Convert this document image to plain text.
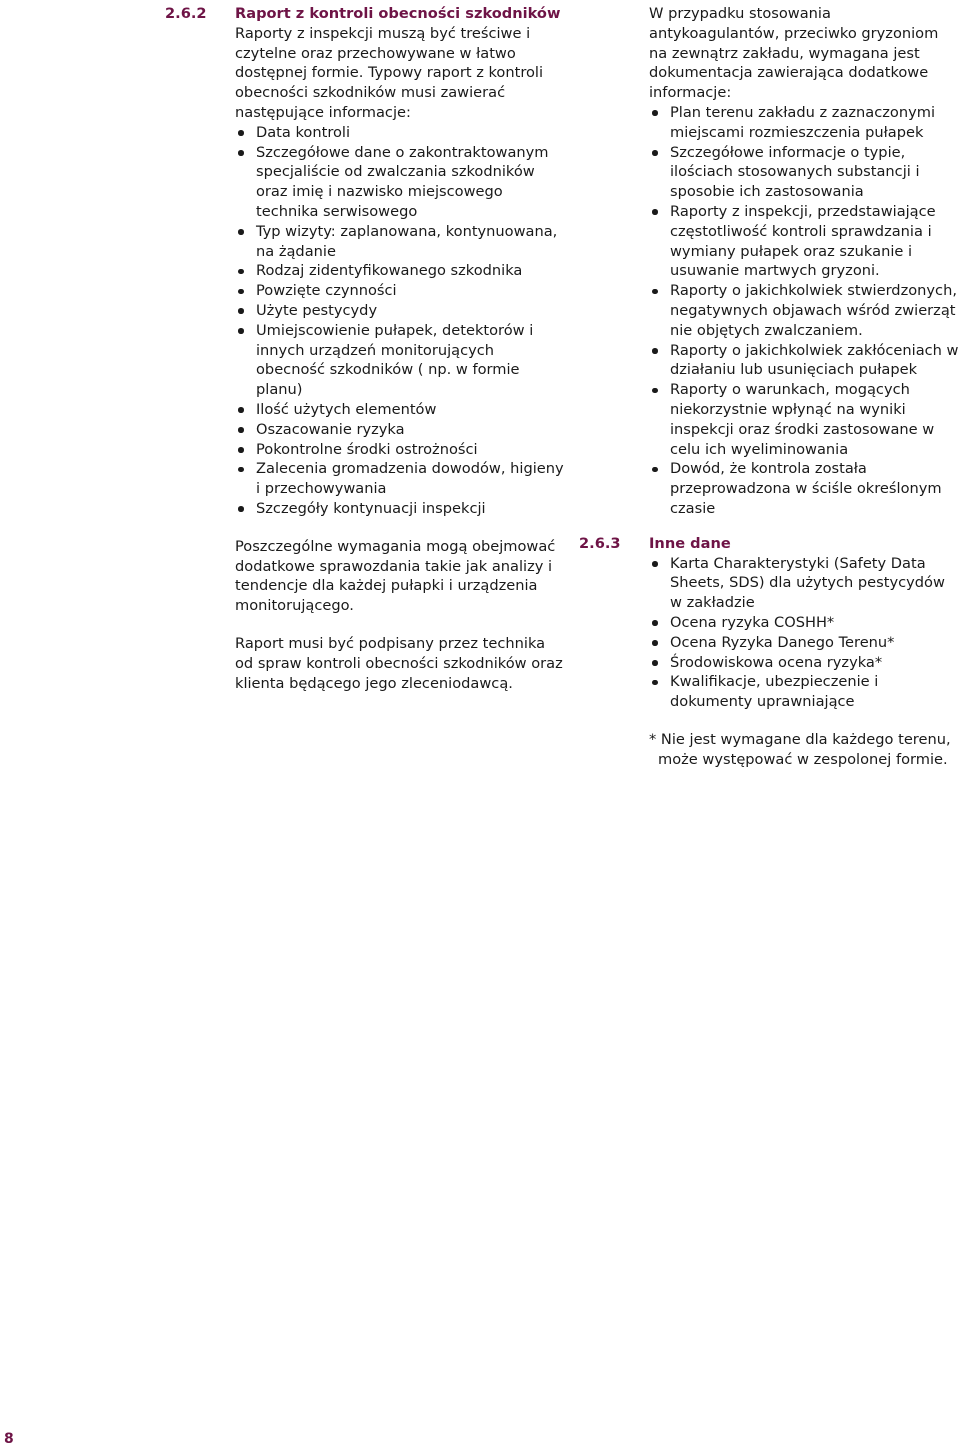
2.6.2 Raport z kontroli obecności szkodników

Raporty z inspekcji muszą być treściwe i czytelne oraz przechowywane w łatwo dostępnej formie. Typowy raport z kontroli obecności szkodników musi zawierać następujące informacje:

Data kontroli
Szczegółowe dane o zakontraktowanym specjaliście od zwalczania szkodników oraz imię i nazwisko miejscowego technika serwisowego
Typ wizyty: zaplanowana, kontynuowana, na żądanie
Rodzaj zidentyfikowanego szkodnika
Powzięte czynności
Użyte pestycydy
Umiejscowienie pułapek, detektorów i innych urządzeń monitorujących obecność szkodników ( np. w formie planu)
Ilość użytych elementów
Oszacowanie ryzyka
Pokontrolne środki ostrożności
Zalecenia gromadzenia dowodów, higieny i przechowywania
Szczegóły kontynuacji inspekcji

Poszczególne wymagania mogą obejmować dodatkowe sprawozdania takie jak analizy i tendencje dla każdej pułapki i urządzenia monitorującego.

Raport musi być podpisany przez technika od spraw kontroli obecności szkodników oraz klienta będącego jego zleceniodawcą.

W przypadku stosowania antykoagulantów, przeciwko gryzoniom na zewnątrz zakładu, wymagana jest dokumentacja zawierająca dodatkowe informacje:

Plan terenu zakładu z zaznaczonymi miejscami rozmieszczenia pułapek
Szczegółowe informacje o typie, ilościach stosowanych substancji i sposobie ich zastosowania
Raporty z inspekcji, przedstawiające częstotliwość kontroli sprawdzania i wymiany pułapek oraz szukanie i usuwanie martwych gryzoni.
Raporty o jakichkolwiek stwierdzonych, negatywnych objawach wśród zwierząt nie objętych zwalczaniem.
Raporty o jakichkolwiek zakłóceniach w działaniu lub usunięciach pułapek
Raporty o warunkach, mogących niekorzystnie wpłynąć na wyniki inspekcji oraz środki zastosowane w celu ich wyeliminowania
Dowód, że kontrola została przeprowadzona w ściśle określonym czasie
2.6.3 Inne dane
Karta Charakterystyki (Safety Data Sheets, SDS) dla użytych pestycydów w zakładzie
Ocena ryzyka COSHH*
Ocena Ryzyka Danego Terenu*
Środowiskowa ocena ryzyka*
Kwalifikacje, ubezpieczenie i dokumenty uprawniające

* Nie jest wymagane dla każdego terenu, może występować w zespolonej formie.

8
